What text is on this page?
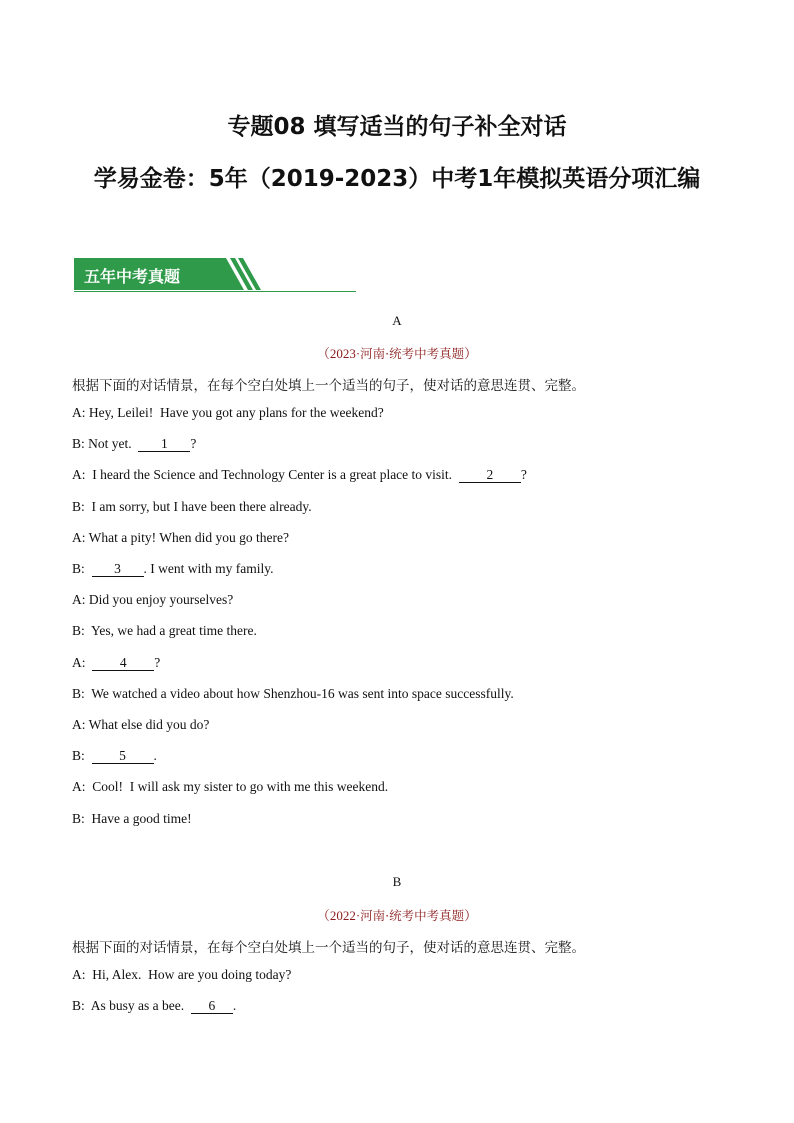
专题08 填写适当的句子补全对话
学易金卷：5年（2019-2023）中考1年模拟英语分项汇编
五年中考真题
A
（2023·河南·统考中考真题）
根据下面的对话情景，在每个空白处填上一个适当的句子，使对话的意思连贯、完整。
A: Hey, Leilei!  Have you got any plans for the weekend?
B: Not yet.  1 ?
A:  I heard the Science and Technology Center is a great place to visit.  2 ?
B:  I am sorry, but I have been there already.
A: What a pity! When did you go there?
B: 3 . I went with my family.
A: Did you enjoy yourselves?
B:  Yes, we had a great time there.
A:	4 ?
B:  We watched a video about how Shenzhou-16 was sent into space successfully.
A: What else did you do?
B:	5 .
A:  Cool!  I will ask my sister to go with me this weekend.
B:  Have a good time!
B
（2022·河南·统考中考真题）
根据下面的对话情景，在每个空白处填上一个适当的句子，使对话的意思连贯、完整。
A:  Hi, Alex.  How are you doing today?
B:  As busy as a bee.  6 .
